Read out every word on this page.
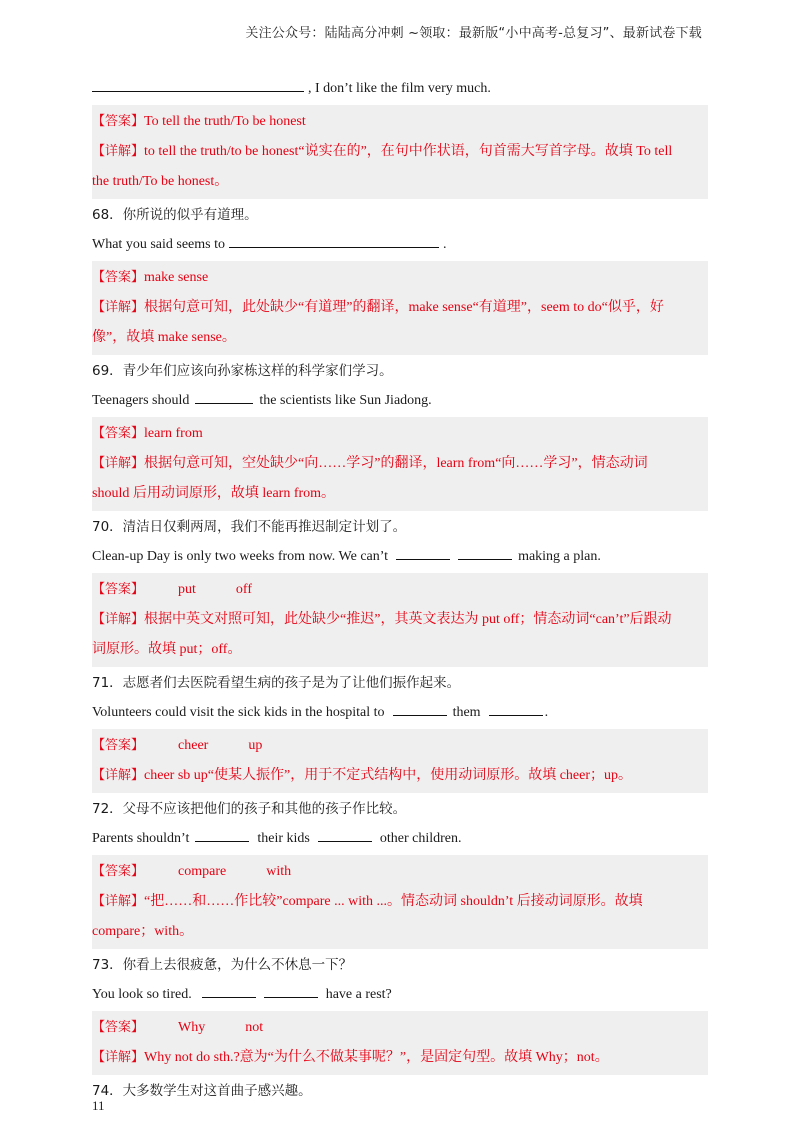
关注公众号：陆陆高分冲刺 ~领取：最新版“小中高考-总复习”、最新试卷下载
, I don’t like the film very much.
【答案】To tell the truth/To be honest
【详解】to tell the truth/to be honest“说实在的”，在句中作状语，句首需大写首字母。故填 To tell
the truth/To be honest。
68．你所说的似乎有道理。
What you said seems to	.
【答案】make sense
【详解】根据句意可知，此处缺少“有道理”的翻译，make sense“有道理”，seem to do“似乎，好
像”，故填 make sense。
69．青少年们应该向孙家栋这样的科学家们学习。
Teenagers should	the scientists like Sun Jiadong.
【答案】learn from
【详解】根据句意可知，空处缺少“向……学习”的翻译，learn from“向……学习”，情态动词
should 后用动词原形，故填 learn from。
70．清洁日仅剩两周，我们不能再推迟制定计划了。
Clean-up Day is only two weeks from now. We can’t	making a plan.
【答案】 put	off
【详解】根据中英文对照可知，此处缺少“推迟”，其英文表达为 put off；情态动词“can’t”后跟动
词原形。故填 put；off。
71．志愿者们去医院看望生病的孩子是为了让他们振作起来。
Volunteers could visit the sick kids in the hospital to	them	.
【答案】 cheer	up
【详解】cheer sb up“使某人振作”，用于不定式结构中，使用动词原形。故填 cheer；up。
72．父母不应该把他们的孩子和其他的孩子作比较。
Parents shouldn’t	their kids	other children.
【答案】 compare	with
【详解】“把……和……作比较”compare ... with ...。情态动词 shouldn’t 后接动词原形。故填
compare；with。
73．你看上去很疲惫，为什么不休息一下？
You look so tired.	have a rest?
【答案】 Why	not
【详解】Why not do sth.?意为“为什么不做某事呢？”，是固定句型。故填 Why；not。
74．大多数学生对这首曲子感兴趣。
11
